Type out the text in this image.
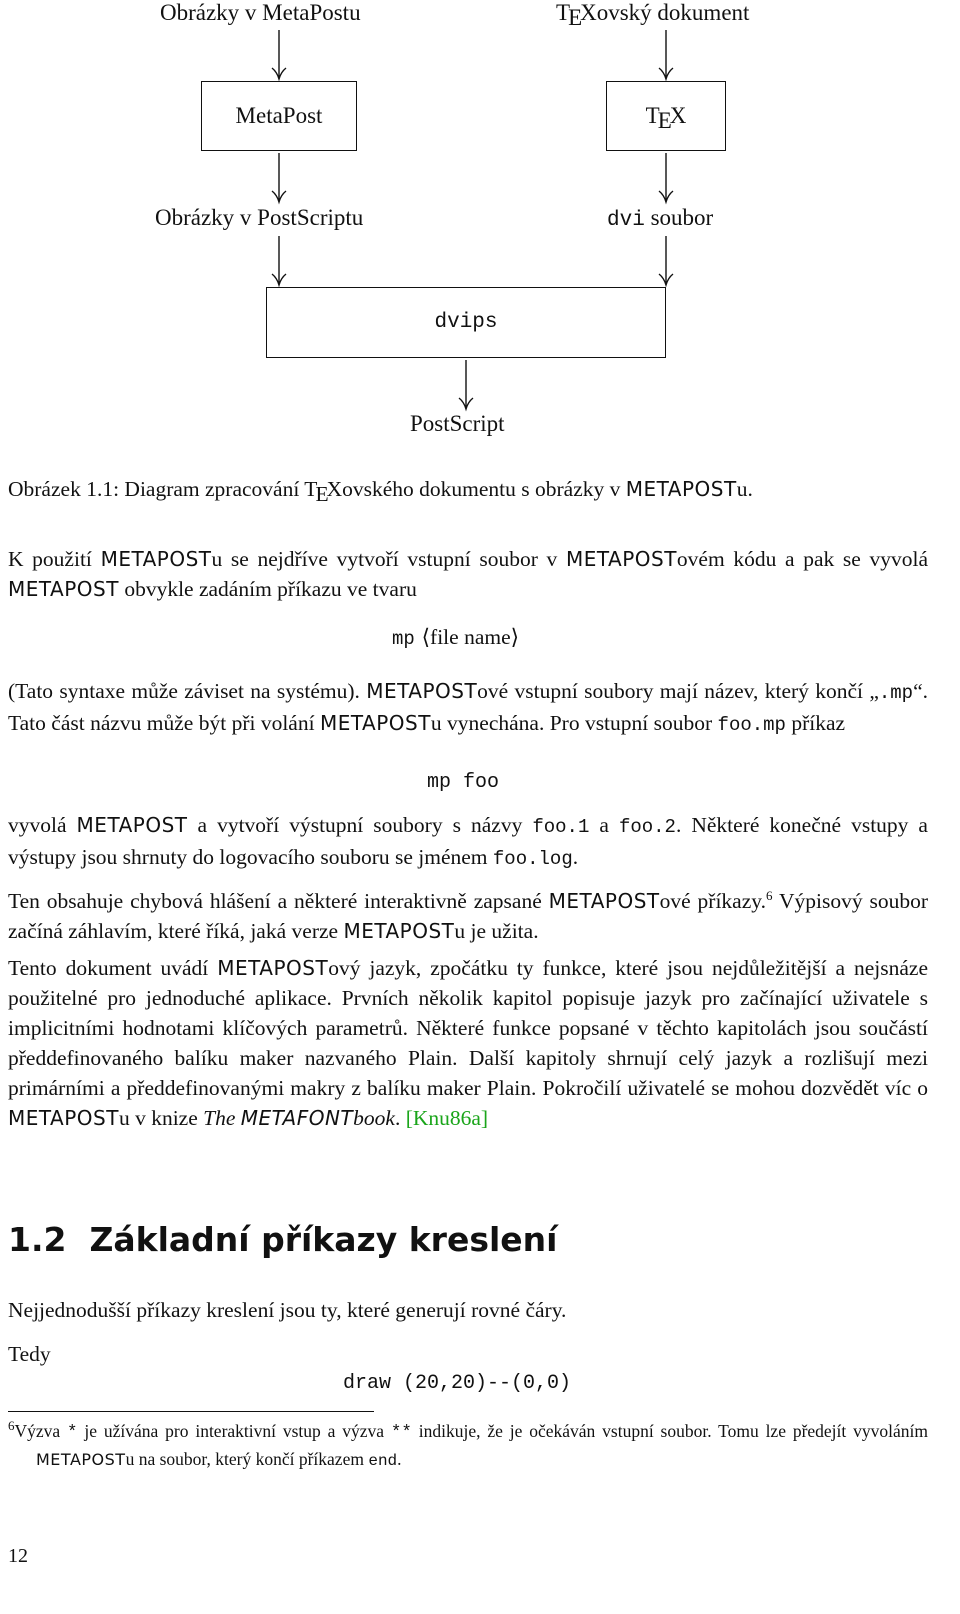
Obrázky v MetaPostu	TEXovský dokument
MetaPost	TE
X
Obrázky v PostScriptu	dvi soubor
dvips
PostScript
Obrázek 1.1: Diagram zpracování TEXovského dokumentu s obrázky v METAPOSTu.

K použití METAPOSTu se nejdříve vytvoří vstupní soubor v METAPOSTovém kódu a pak se vyvolá METAPOST obvykle zadáním příkazu ve tvaru

mp ⟨file name⟩

(Tato syntaxe může záviset na systému). METAPOSTové vstupní soubory mají název, který končí „.mp“. Tato část názvu může být při volání METAPOSTu vynechána. Pro vstupní soubor foo.mp příkaz

mp foo

vyvolá METAPOST a vytvoří výstupní soubory s názvy foo.1 a foo.2. Některé konečné vstupy a výstupy jsou shrnuty do logovacího souboru se jménem foo.log.

Ten obsahuje chybová hlášení a některé interaktivně zapsané METAPOSTové příkazy.$^6$ Výpisový soubor začíná záhlavím, které říká, jaká verze METAPOSTu je užita.

Tento dokument uvádí METAPOSTový jazyk, zpočátku ty funkce, které jsou nejdůležitější a nejsnáze použitelné pro jednoduché aplikace. Prvních několik kapitol popisuje jazyk pro začínající uživatele s implicitními hodnotami klíčových parametrů. Některé funkce popsané v těchto kapitolách jsou součástí předdefinovaného balíku maker nazvaného Plain. Další kapitoly shrnují celý jazyk a rozlišují mezi primárními a předdefinovanými makry z balíku maker Plain. Pokročilí uživatelé se mohou dozvědět víc o METAPOSTu v knize The METAFONTbook. [Knu86a]

1.2 Základní příkazy kreslení

Nejjednodušší příkazy kreslení jsou ty, které generují rovné čáry.

Tedy

draw (20,20)--(0,0)

$^6$Výzva * je užívána pro interaktivní vstup a výzva ** indikuje, že je očekáván vstupní soubor. Tomu lze předejít vyvoláním METAPOSTu na soubor, který končí příkazem end.

12
